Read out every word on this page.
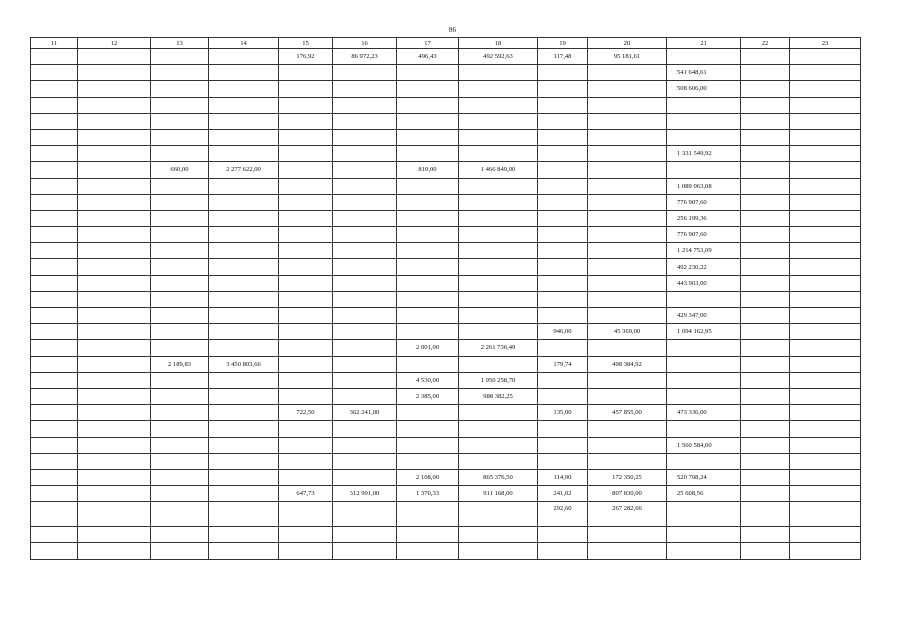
86
11	12	13	14	15	16	17	18	19	20	21	22	23
				176,92	86 972,23	496,43	492 592,63	117,48	95 181,61			
										541 648,61		
										508 606,00		

										1 331 549,92		
		660,00	2 277 622,00			810,00	1 466 849,00					
										1 089 063,08		
										776 907,60		
										256 199,36		
										776 907,60		
										1 214 753,09		
										492 230,22		
										443 903,00		

										429 347,00		
								946,00	45 369,00	1 094 162,95		
						2 001,00	2 261 736,49					
		2 189,83	3 450 803,66					179,74	498 384,92			
						4 530,00	1 950 258,70					
						2 385,00	988 382,25					
				722,50	362 241,00			135,00	457 855,00	473 336,00		

										1 560 584,00		

						2 108,00	865 376,50	114,00	172 350,25	520 708,24		
				647,73	312 991,00	1 370,33	911 168,00	241,02	807 830,00	25 608,56		
								292,60	267 282,66			
